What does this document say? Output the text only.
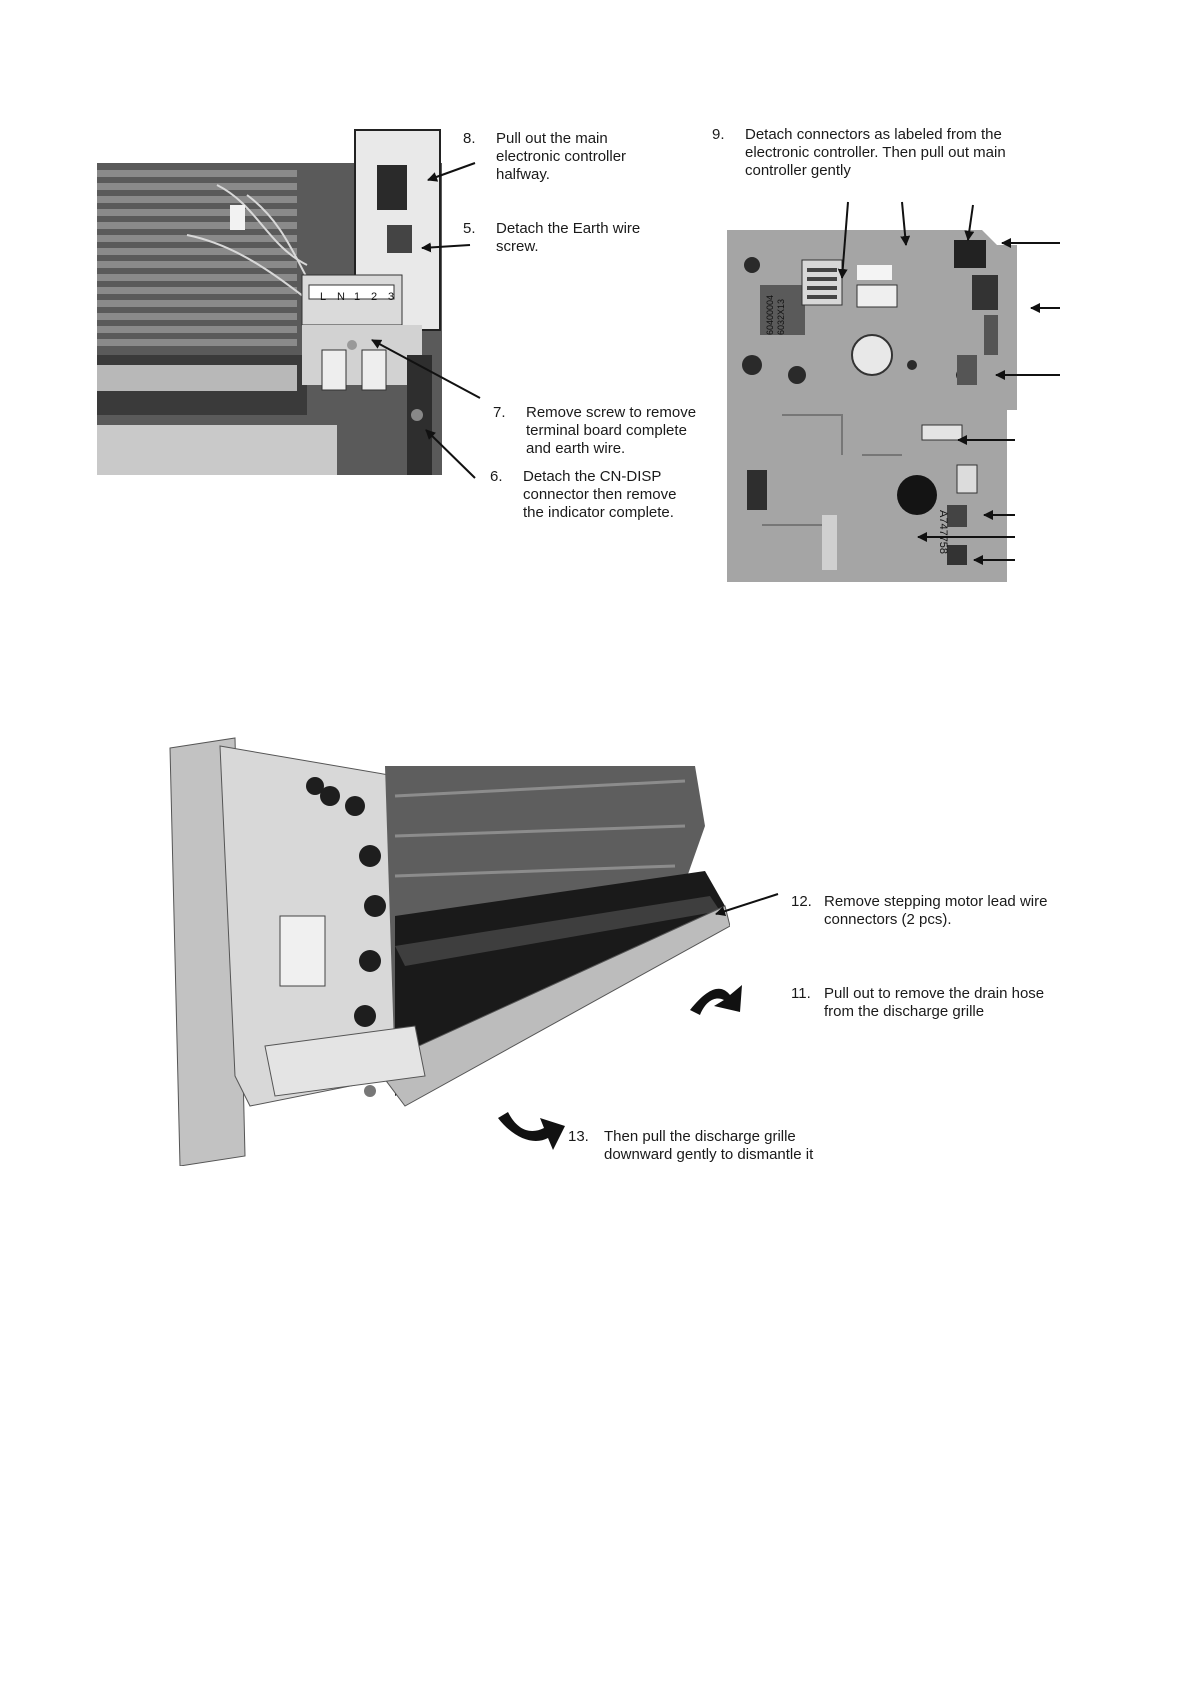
L N 1 2 3	60400004 6032X13
A747758
8. Pull out the main
electronic controller
halfway.
5. Detach the Earth wire
screw.
7. Remove screw to remove
terminal board complete
and earth wire.
6. Detach the CN-DISP
connector then remove
the indicator complete.
9. Detach connectors as labeled from the
electronic controller. Then pull out main
controller gently
12. Remove stepping motor lead wire
connectors (2 pcs).
11. Pull out to remove the drain hose
from the discharge grille
13. Then pull the discharge grille
downward gently to dismantle it
